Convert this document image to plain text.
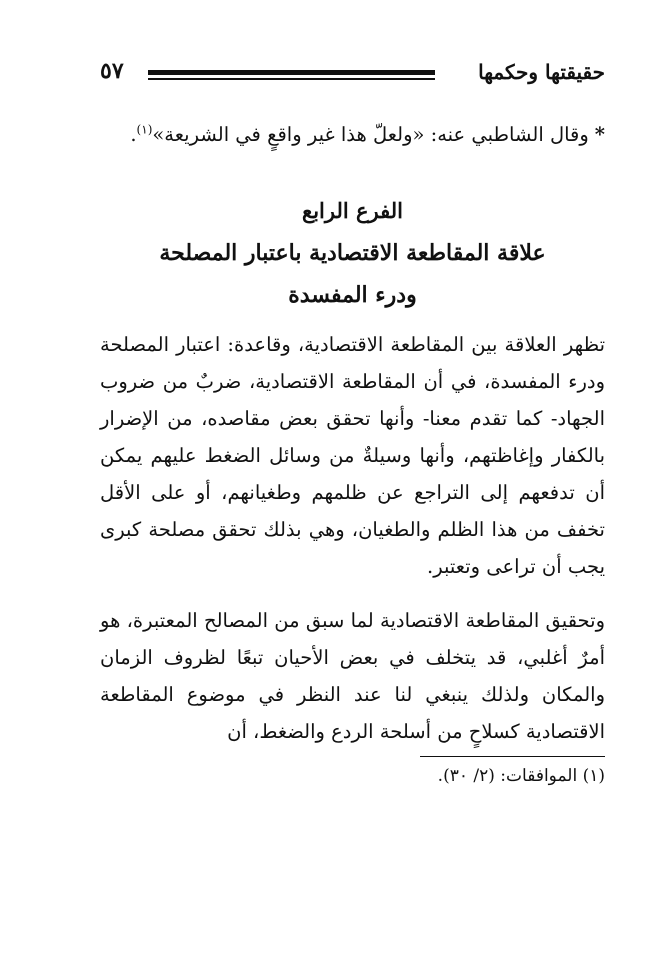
حقيقتها وحكمها
٥٧
*وقال الشاطبي عنه: «ولعلّ هذا غير واقعٍ في الشريعة»$^{(١)}$.
الفرع الرابع
علاقة المقاطعة الاقتصادية باعتبار المصلحة
ودرء المفسدة
تظهر العلاقة بين المقاطعة الاقتصادية، وقاعدة: اعتبار المصلحة ودرء المفسدة، في أن المقاطعة الاقتصادية، ضربٌ من ضروب الجهاد- كما تقدم معنا- وأنها تحقق بعض مقاصده، من الإضرار بالكفار وإغاظتهم، وأنها وسيلةٌ من وسائل الضغط عليهم يمكن أن تدفعهم إلى التراجع عن ظلمهم وطغيانهم، أو على الأقل تخفف من هذا الظلم والطغيان، وهي بذلك تحقق مصلحة كبرى يجب أن تراعى وتعتبر.
وتحقيق المقاطعة الاقتصادية لما سبق من المصالح المعتبرة، هو أمرٌ أغلبي، قد يتخلف في بعض الأحيان تبعًا لظروف الزمان والمكان ولذلك ينبغي لنا عند النظر في موضوع المقاطعة الاقتصادية كسلاحٍ من أسلحة الردع والضغط، أن
(١) الموافقات: (٢/ ٣٠).
